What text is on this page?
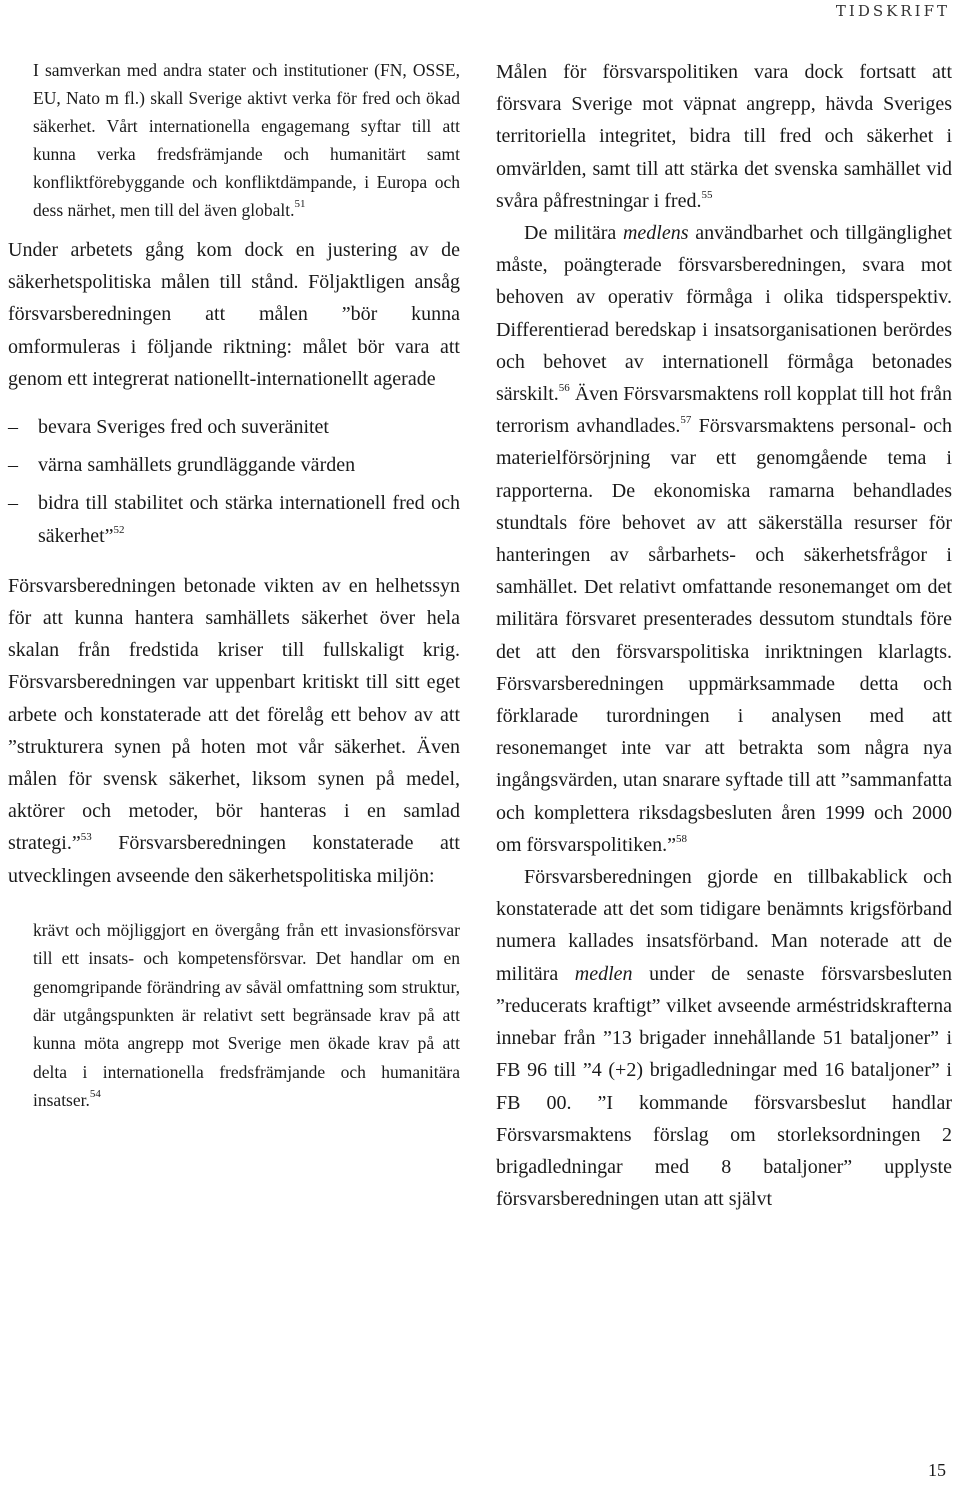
TIDSKRIFT

I samverkan med andra stater och institutioner (FN, OSSE, EU, Nato m fl.) skall Sverige aktivt verka för fred och ökad säkerhet. Vårt internationella engagemang syftar till att kunna verka fredsfrämjande och humanitärt samt konfliktförebyggande och konfliktdämpande, i Europa och dess närhet, men till del även globalt.$^{51}$

Under arbetets gång kom dock en justering av de säkerhetspolitiska målen till stånd. Följaktligen ansåg försvarsberedningen att målen ”bör kunna omformuleras i följande riktning: målet bör vara att genom ett integrerat nationellt-internationellt agerade

– bevara Sveriges fred och suveränitet
– värna samhällets grundläggande värden
– bidra till stabilitet och stärka internationell fred och säkerhet”$^{52}$

Försvarsberedningen betonade vikten av en helhetssyn för att kunna hantera samhällets säkerhet över hela skalan från fredstida kriser till fullskaligt krig. Försvarsberedningen var uppenbart kritiskt till sitt eget arbete och konstaterade att det förelåg ett behov av att ”strukturera synen på hoten mot vår säkerhet. Även målen för svensk säkerhet, liksom synen på medel, aktörer och metoder, bör hanteras i en samlad strategi.”$^{53}$ Försvarsberedningen konstaterade att utvecklingen avseende den säkerhetspolitiska miljön:

krävt och möjliggjort en övergång från ett invasionsförsvar till ett insats- och kompetensförsvar. Det handlar om en genomgripande förändring av såväl omfattning som struktur, där utgångspunkten är relativt sett begränsade krav på att kunna möta angrepp mot Sverige men ökade krav på att delta i internationella fredsfrämjande och humanitära insatser.$^{54}$

Målen för försvarspolitiken vara dock fortsatt att försvara Sverige mot väpnat angrepp, hävda Sveriges territoriella integritet, bidra till fred och säkerhet i omvärlden, samt till att stärka det svenska samhället vid svåra påfrestningar i fred.$^{55}$

De militära medlens användbarhet och tillgänglighet måste, poängterade försvarsberedningen, svara mot behoven av operativ förmåga i olika tidsperspektiv. Differentierad beredskap i insatsorganisationen berördes och behovet av internationell förmåga betonades särskilt.$^{56}$ Även Försvarsmaktens roll kopplat till hot från terrorism avhandlades.$^{57}$ Försvarsmaktens personal- och materielförsörjning var ett genomgående tema i rapporterna. De ekonomiska ramarna behandlades stundtals före behovet av att säkerställa resurser för hanteringen av sårbarhets- och säkerhetsfrågor i samhället. Det relativt omfattande resonemanget om det militära försvaret presenterades dessutom stundtals före det att den försvarspolitiska inriktningen klarlagts. Försvarsberedningen uppmärksammade detta och förklarade turordningen i analysen med att resonemanget inte var att betrakta som några nya ingångsvärden, utan snarare syftade till att ”sammanfatta och komplettera riksdagsbesluten åren 1999 och 2000 om försvarspolitiken.”$^{58}$

Försvarsberedningen gjorde en tillbakablick och konstaterade att det som tidigare benämnts krigsförband numera kallades insatsförband. Man noterade att de militära medlen under de senaste försvarsbesluten ”reducerats kraftigt” vilket avseende arméstridskrafterna innebar från ”13 brigader innehållande 51 bataljoner” i FB 96 till ”4 (+2) brigadledningar med 16 bataljoner” i FB 00. ”I kommande försvarsbeslut handlar Försvarsmaktens förslag om storleksordningen 2 brigadledningar med 8 bataljoner” upplyste försvarsberedningen utan att självt

15
